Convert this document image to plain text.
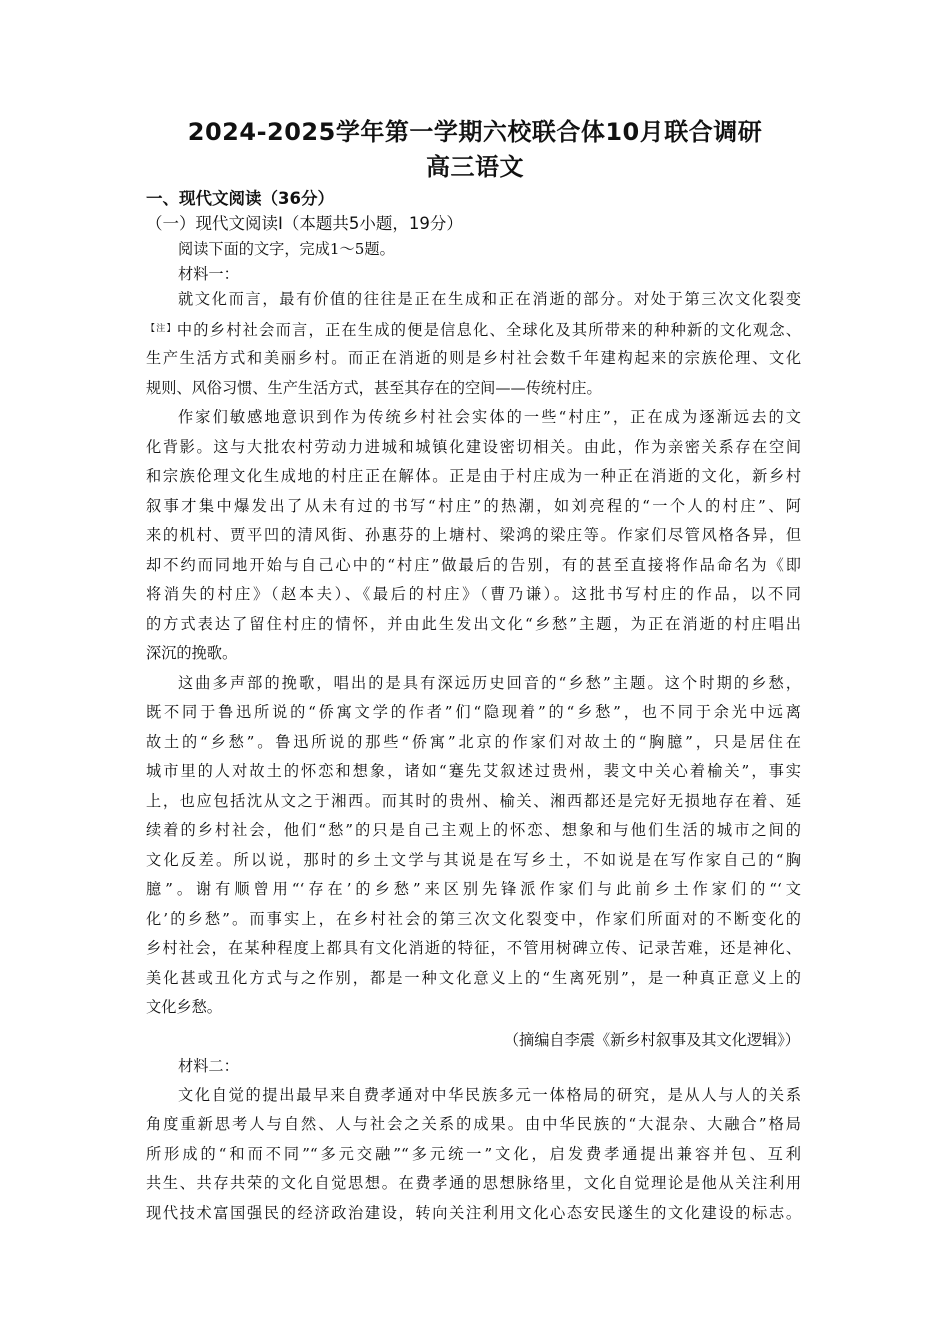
2024-2025学年第一学期六校联合体10月联合调研
高三语文
一、现代文阅读（36分）
（一）现代文阅读Ⅰ（本题共5小题，19分）
阅读下面的文字，完成1～5题。
材料一：
就文化而言，最有价值的往往是正在生成和正在消逝的部分。对处于第三次文化裂变
$^{【注】}$中的乡村社会而言，正在生成的便是信息化、全球化及其所带来的种种新的文化观念、
生产生活方式和美丽乡村。而正在消逝的则是乡村社会数千年建构起来的宗族伦理、文化
规则、风俗习惯、生产生活方式，甚至其存在的空间——传统村庄。
作家们敏感地意识到作为传统乡村社会实体的一些“村庄”，正在成为逐渐远去的文
化背影。这与大批农村劳动力进城和城镇化建设密切相关。由此，作为亲密关系存在空间
和宗族伦理文化生成地的村庄正在解体。正是由于村庄成为一种正在消逝的文化，新乡村
叙事才集中爆发出了从未有过的书写“村庄”的热潮，如刘亮程的“一个人的村庄”、阿
来的机村、贾平凹的清风街、孙惠芬的上塘村、梁鸿的梁庄等。作家们尽管风格各异，但
却不约而同地开始与自己心中的“村庄”做最后的告别，有的甚至直接将作品命名为《即
将消失的村庄》（赵本夫）、《最后的村庄》（曹乃谦）。这批书写村庄的作品，以不同
的方式表达了留住村庄的情怀，并由此生发出文化“乡愁”主题，为正在消逝的村庄唱出
深沉的挽歌。
这曲多声部的挽歌，唱出的是具有深远历史回音的“乡愁”主题。这个时期的乡愁，
既不同于鲁迅所说的“侨寓文学的作者”们“隐现着”的“乡愁”，也不同于余光中远离
故土的“乡愁”。鲁迅所说的那些“侨寓”北京的作家们对故土的“胸臆”，只是居住在
城市里的人对故土的怀恋和想象，诸如“蹇先艾叙述过贵州，裴文中关心着榆关”，事实
上，也应包括沈从文之于湘西。而其时的贵州、榆关、湘西都还是完好无损地存在着、延
续着的乡村社会，他们“愁”的只是自己主观上的怀恋、想象和与他们生活的城市之间的
文化反差。所以说，那时的乡土文学与其说是在写乡土，不如说是在写作家自己的“胸
臆”。谢有顺曾用“‘存在’的乡愁”来区别先锋派作家们与此前乡土作家们的“‘文
化’的乡愁”。而事实上，在乡村社会的第三次文化裂变中，作家们所面对的不断变化的
乡村社会，在某种程度上都具有文化消逝的特征，不管用树碑立传、记录苦难，还是神化、
美化甚或丑化方式与之作别，都是一种文化意义上的“生离死别”，是一种真正意义上的
文化乡愁。
（摘编自李震《新乡村叙事及其文化逻辑》）
材料二：
文化自觉的提出最早来自费孝通对中华民族多元一体格局的研究，是从人与人的关系
角度重新思考人与自然、人与社会之关系的成果。由中华民族的“大混杂、大融合”格局
所形成的“和而不同”“多元交融”“多元统一”文化，启发费孝通提出兼容并包、互利
共生、共存共荣的文化自觉思想。在费孝通的思想脉络里，文化自觉理论是他从关注利用
现代技术富国强民的经济政治建设，转向关注利用文化心态安民遂生的文化建设的标志。
